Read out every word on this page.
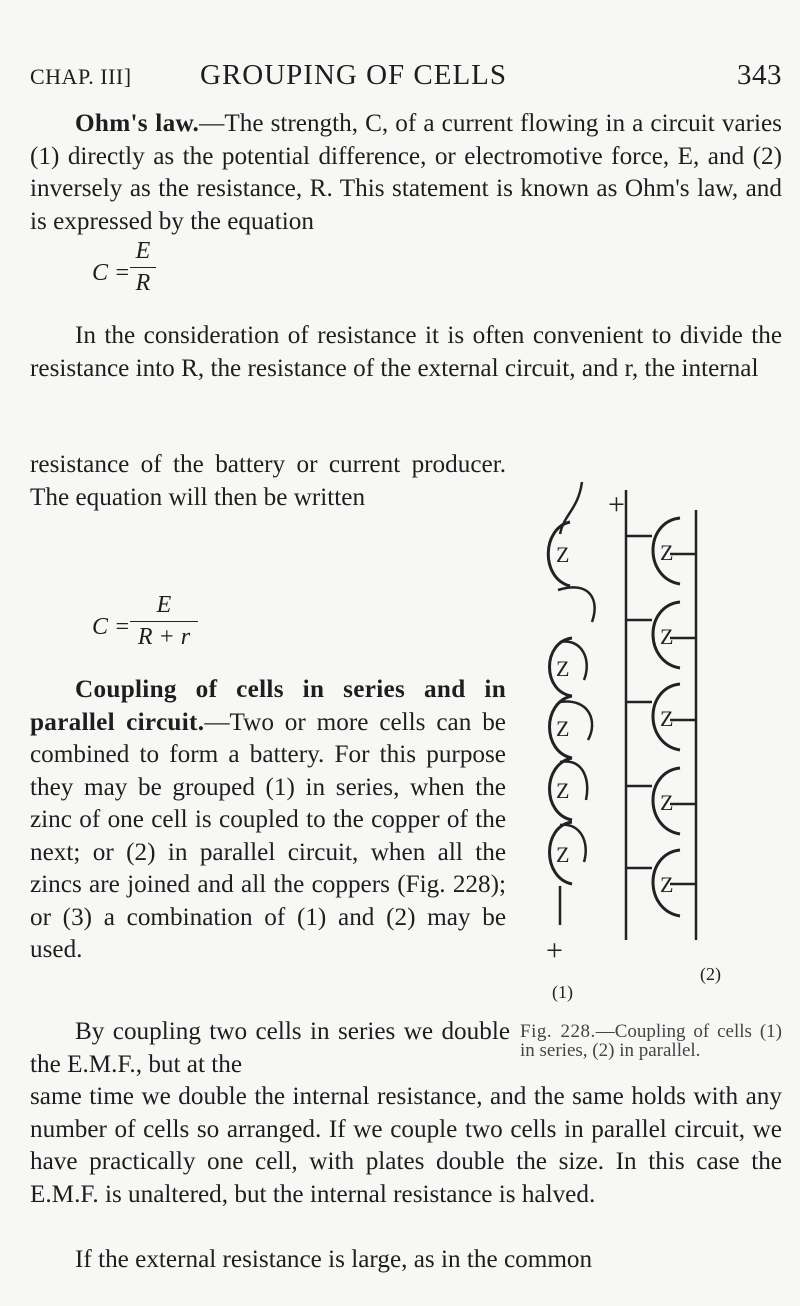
CHAP. III] GROUPING OF CELLS	343

Ohm's law.—The strength, C, of a current flowing in a circuit varies (1) directly as the potential difference, or electromotive force, E, and (2) inversely as the resistance, R. This statement is known as Ohm's law, and is expressed by the equation

C =
E
R

In the consideration of resistance it is often convenient to divide the resistance into R, the resistance of the external circuit, and r, the internal

resistance of the battery or current producer. The equation will then be written

C =
E
R + r

Coupling of cells in series and in parallel circuit.—Two or more cells can be combined to form a battery. For this purpose they may be grouped (1) in series, when the zinc of one cell is coupled to the copper of the next; or (2) in parallel circuit, when all the zincs are joined and all the coppers (Fig. 228); or (3) a combination of (1) and (2) may be used.

By coupling two cells in series we double the E.M.F., but at the

same time we double the internal resistance, and the same holds with any number of cells so arranged. If we couple two cells in parallel circuit, we have practically one cell, with plates double the size. In this case the E.M.F. is unaltered, but the internal resistance is halved.

If the external resistance is large, as in the common

Z
Z
Z
Z
Z
+
+
(1)
Z
Z
Z
Z
Z
(2)
Fig. 228.—Coupling of cells (1) in series, (2) in parallel.
